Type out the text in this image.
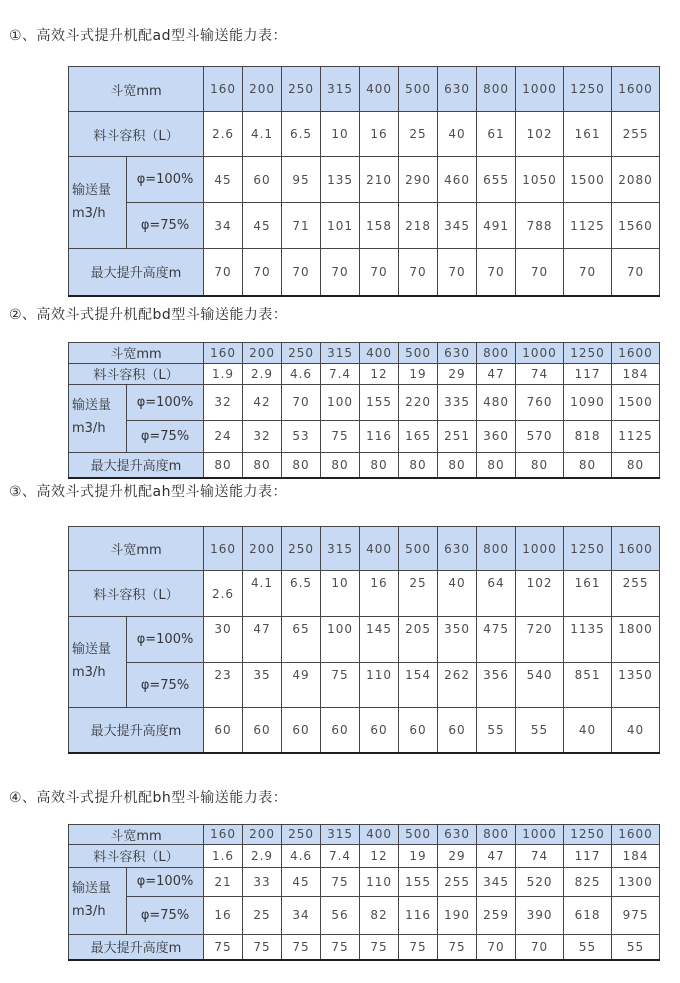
①、高效斗式提升机配ad型斗输送能力表：

斗宽mm		160	200	250	315	400	500	630	800	1000	1250	1600
料斗容积（L）		2.6	4.1	6.5	10	16	25	40	61	102	161	255
输送量
m3/h	φ=100%	45	60	95	135	210	290	460	655	1050	1500	2080
	φ=75%	34	45	71	101	158	218	345	491	788	1125	1560
最大提升高度m		70	70	70	70	70	70	70	70	70	70	70

②、高效斗式提升机配bd型斗输送能力表：

斗宽mm		160	200	250	315	400	500	630	800	1000	1250	1600
料斗容积（L）		1.9	2.9	4.6	7.4	12	19	29	47	74	117	184
输送量
m3/h	φ=100%	32	42	70	100	155	220	335	480	760	1090	1500
	φ=75%	24	32	53	75	116	165	251	360	570	818	1125
最大提升高度m		80	80	80	80	80	80	80	80	80	80	80

③、高效斗式提升机配ah型斗输送能力表：

斗宽mm		160	200	250	315	400	500	630	800	1000	1250	1600
料斗容积（L）		2.6	4.1	6.5	10	16	25	40	64	102	161	255
输送量
m3/h	φ=100%	30	47	65	100	145	205	350	475	720	1135	1800
	φ=75%	23	35	49	75	110	154	262	356	540	851	1350
最大提升高度m		60	60	60	60	60	60	60	55	55	40	40

④、高效斗式提升机配bh型斗输送能力表：

斗宽mm		160	200	250	315	400	500	630	800	1000	1250	1600
料斗容积（L）		1.6	2.9	4.6	7.4	12	19	29	47	74	117	184
输送量
m3/h	φ=100%	21	33	45	75	110	155	255	345	520	825	1300
	φ=75%	16	25	34	56	82	116	190	259	390	618	975
最大提升高度m		75	75	75	75	75	75	75	70	70	55	55
